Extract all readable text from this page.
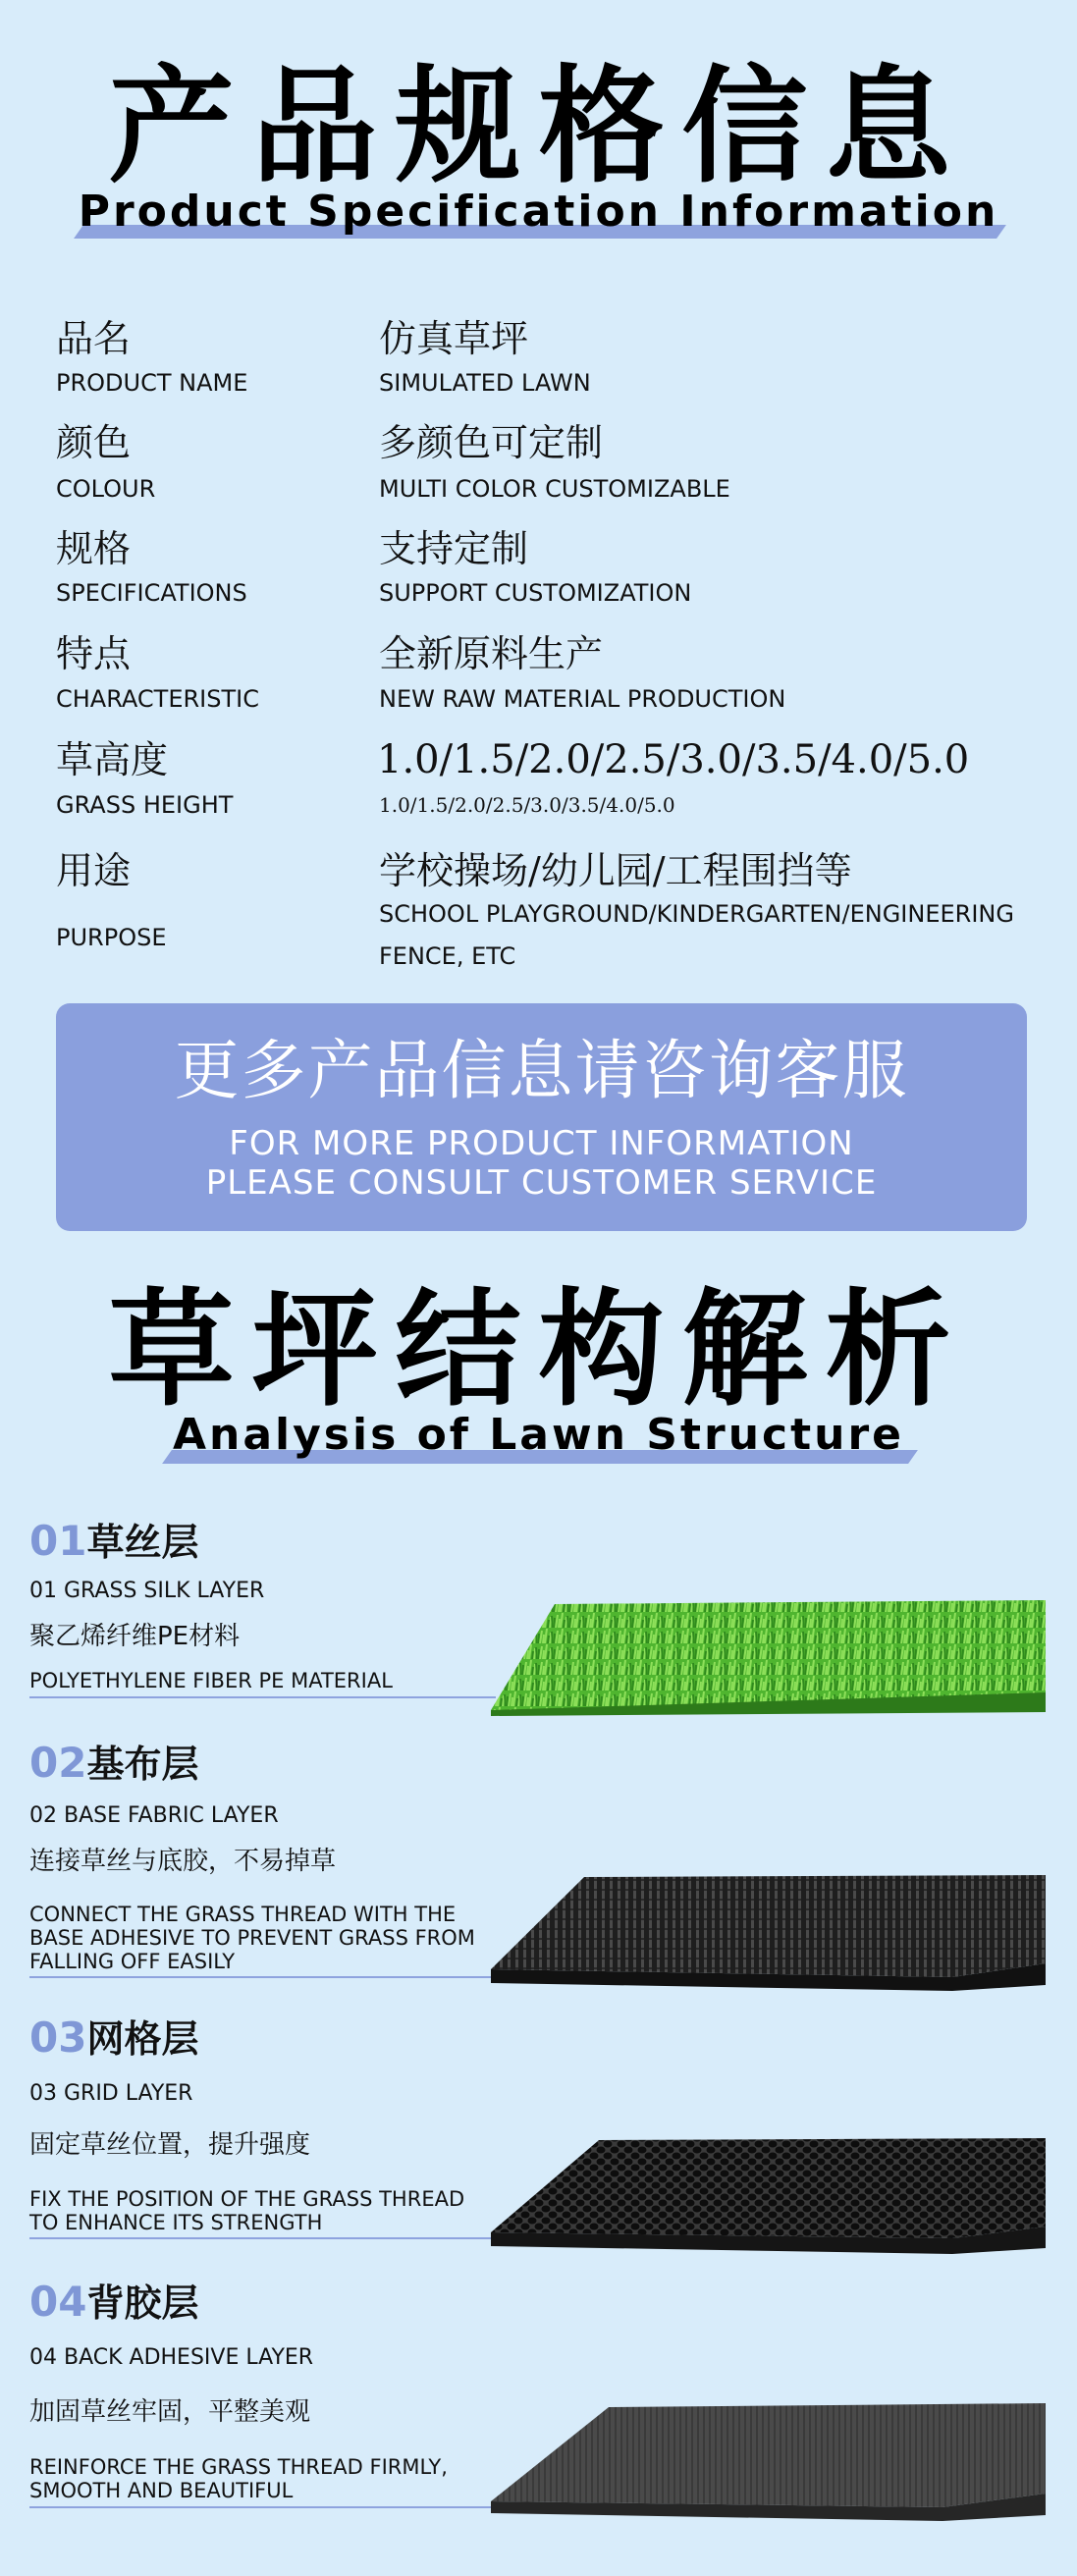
产品规格信息
Product Specification Information
品名
PRODUCT NAME
仿真草坪
SIMULATED LAWN
颜色
COLOUR
多颜色可定制
MULTI COLOR CUSTOMIZABLE
规格
SPECIFICATIONS
支持定制
SUPPORT CUSTOMIZATION
特点
CHARACTERISTIC
全新原料生产
NEW RAW MATERIAL PRODUCTION
草高度
GRASS HEIGHT
1.0/1.5/2.0/2.5/3.0/3.5/4.0/5.0
1.0/1.5/2.0/2.5/3.0/3.5/4.0/5.0
用途
PURPOSE
学校操场/幼儿园/工程围挡等
SCHOOL PLAYGROUND/KINDERGARTEN/ENGINEERING
FENCE, ETC
更多产品信息请咨询客服
FOR MORE PRODUCT INFORMATION
PLEASE CONSULT CUSTOMER SERVICE
草坪结构解析
Analysis of Lawn Structure
01 草丝层
01 GRASS SILK LAYER
聚乙烯纤维PE材料
POLYETHYLENE FIBER PE MATERIAL
02 基布层
02 BASE FABRIC LAYER
连接草丝与底胶，不易掉草
CONNECT THE GRASS THREAD WITH THE
BASE ADHESIVE TO PREVENT GRASS FROM
FALLING OFF EASILY
03 网格层
03 GRID LAYER
固定草丝位置，提升强度
FIX THE POSITION OF THE GRASS THREAD
TO ENHANCE ITS STRENGTH
04 背胶层
04 BACK ADHESIVE LAYER
加固草丝牢固，平整美观
REINFORCE THE GRASS THREAD FIRMLY,
SMOOTH AND BEAUTIFUL
